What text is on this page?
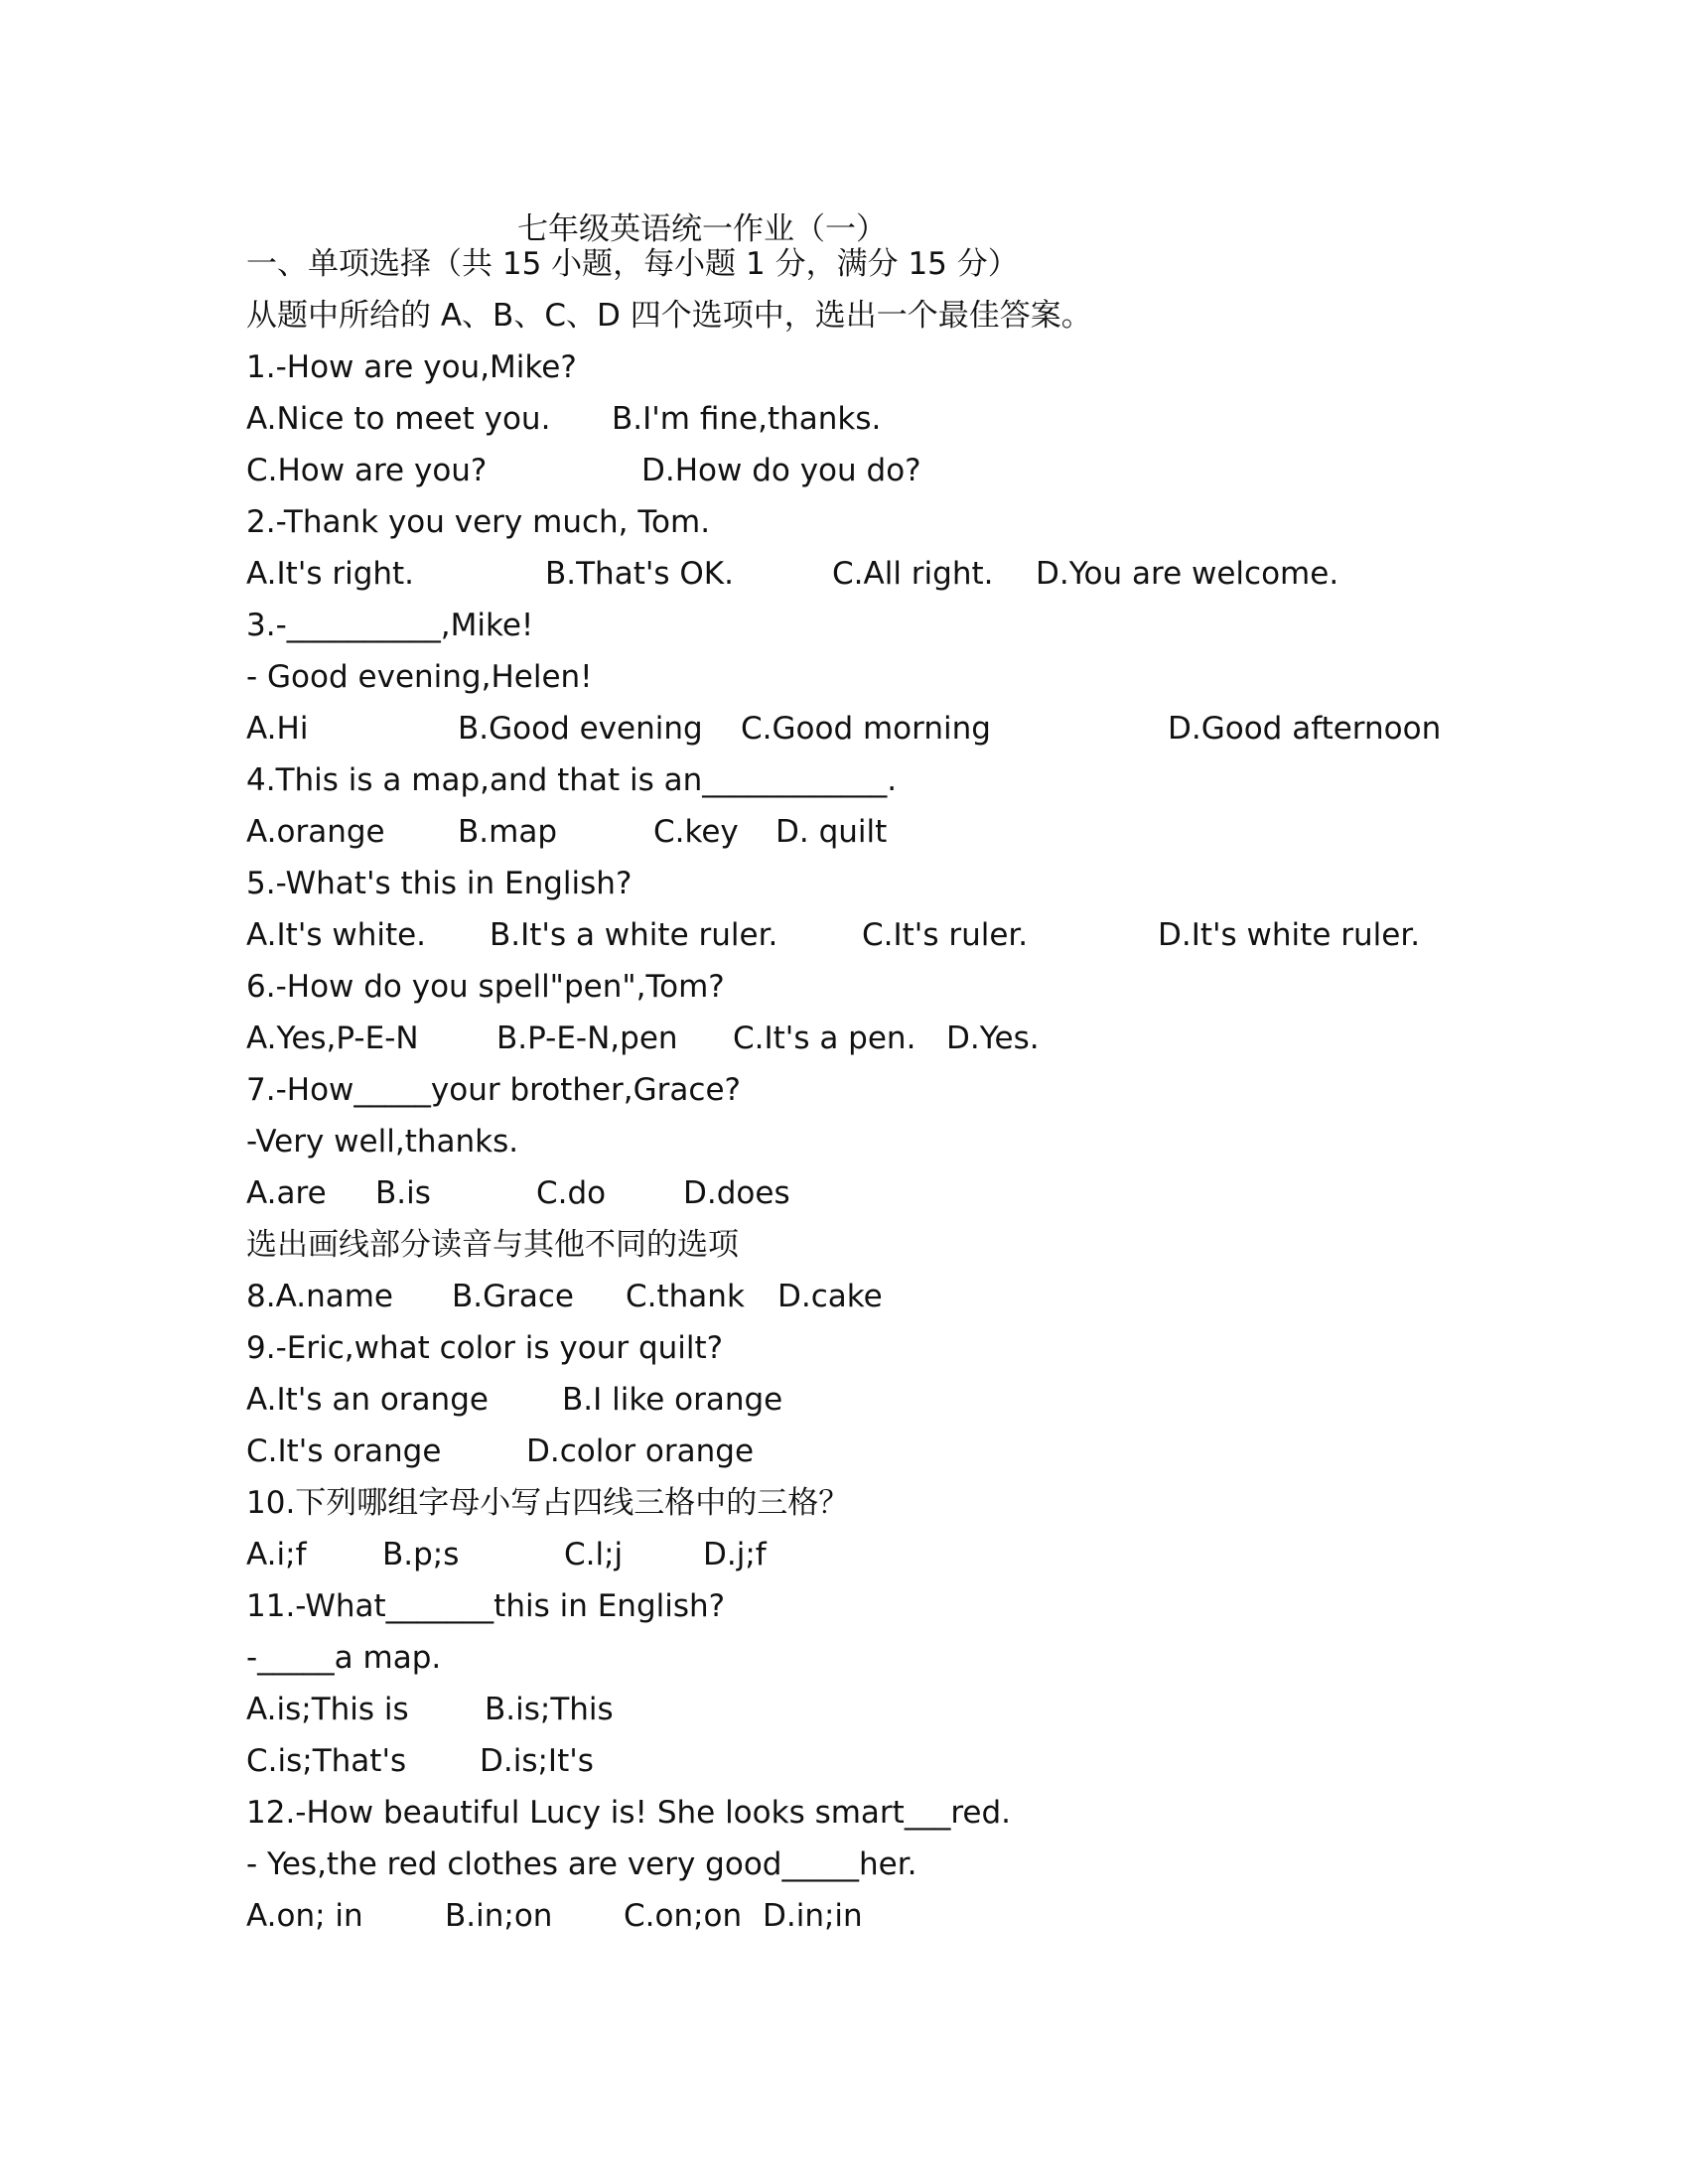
七年级英语统一作业（一）
一、单项选择（共 15 小题，每小题 1 分，满分 15 分）
从题中所给的 A、B、C、D 四个选项中，选出一个最佳答案。
1.-How are you,Mike?
A.Nice to meet you. B.I'm fine,thanks.
C.How are you?	D.How do you do?
2.-Thank you very much, Tom.
A.It's right.	B.That's OK.	C.All right. D.You are welcome.
3.-__________,Mike!
- Good evening,Helen!
A.Hi	B.Good evening C.Good morning	D.Good afternoon
4.This is a map,and that is an____________.
A.orange B.map	C.key D. quilt
5.-What's this in English?
A.It's white. B.It's a white ruler.	C.It's ruler.	D.It's white ruler.
6.-How do you spell"pen",Tom?
A.Yes,P-E-N	B.P-E-N,pen C.It's a pen. D.Yes.
7.-How_____your brother,Grace?
-Very well,thanks.
A.are B.is	C.do	D.does
选出画线部分读音与其他不同的选项
8.A.name B.Grace C.thank D.cake
9.-Eric,what color is your quilt?
A.It's an orange B.I like orange
C.It's orange	D.color orange
10.下列哪组字母小写占四线三格中的三格？
A.i;f B.p;s	C.l;j	D.j;f
11.-What_______this in English?
-_____a map.
A.is;This is B.is;This
C.is;That's D.is;It's
12.-How beautiful Lucy is! She looks smart___red.
- Yes,the red clothes are very good_____her.
A.on; in	B.in;on C.on;on D.in;in
